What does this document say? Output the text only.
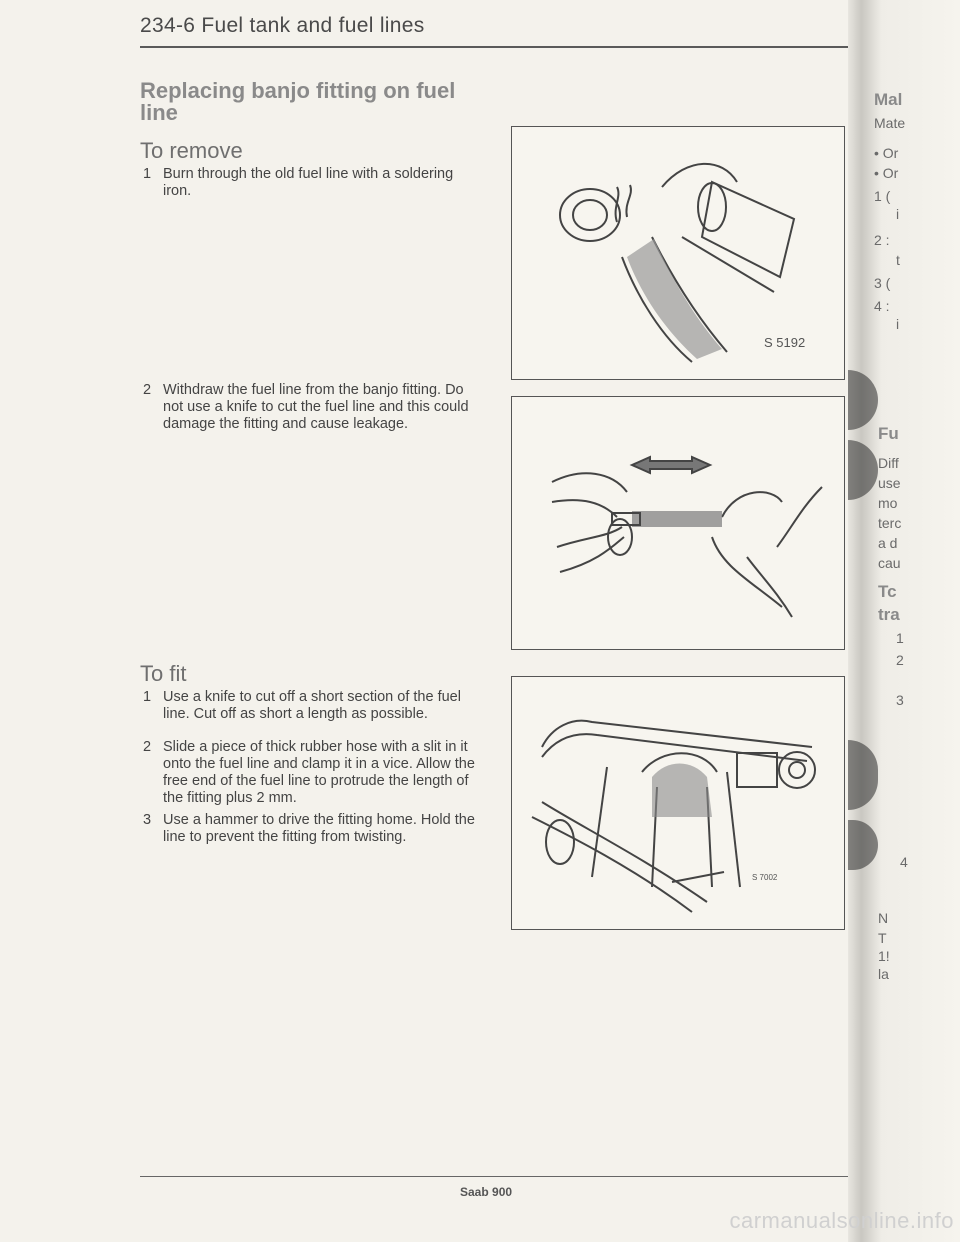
234-6 Fuel tank and fuel lines
Replacing banjo fitting on fuel line
To remove
1 Burn through the old fuel line with a soldering iron.
2 Withdraw the fuel line from the banjo fitting. Do not use a knife to cut the fuel line and this could damage the fitting and cause leakage.
To fit
1 Use a knife to cut off a short section of the fuel line. Cut off as short a length as possible.
2 Slide a piece of thick rubber hose with a slit in it onto the fuel line and clamp it in a vice. Allow the free end of the fuel line to protrude the length of the fitting plus 2 mm.
3 Use a hammer to drive the fitting home. Hold the line to prevent the fitting from twisting.
S 5192
S 7002
Saab 900
Mal
Mate
• Or
• Or
1 (
i
2 :
t
3 (
4 :
i
Fu
Diff
use
mo
terc
a d
cau
Tc
tra
1
2
3
4
N
T
1!
la
carmanualsonline.info
